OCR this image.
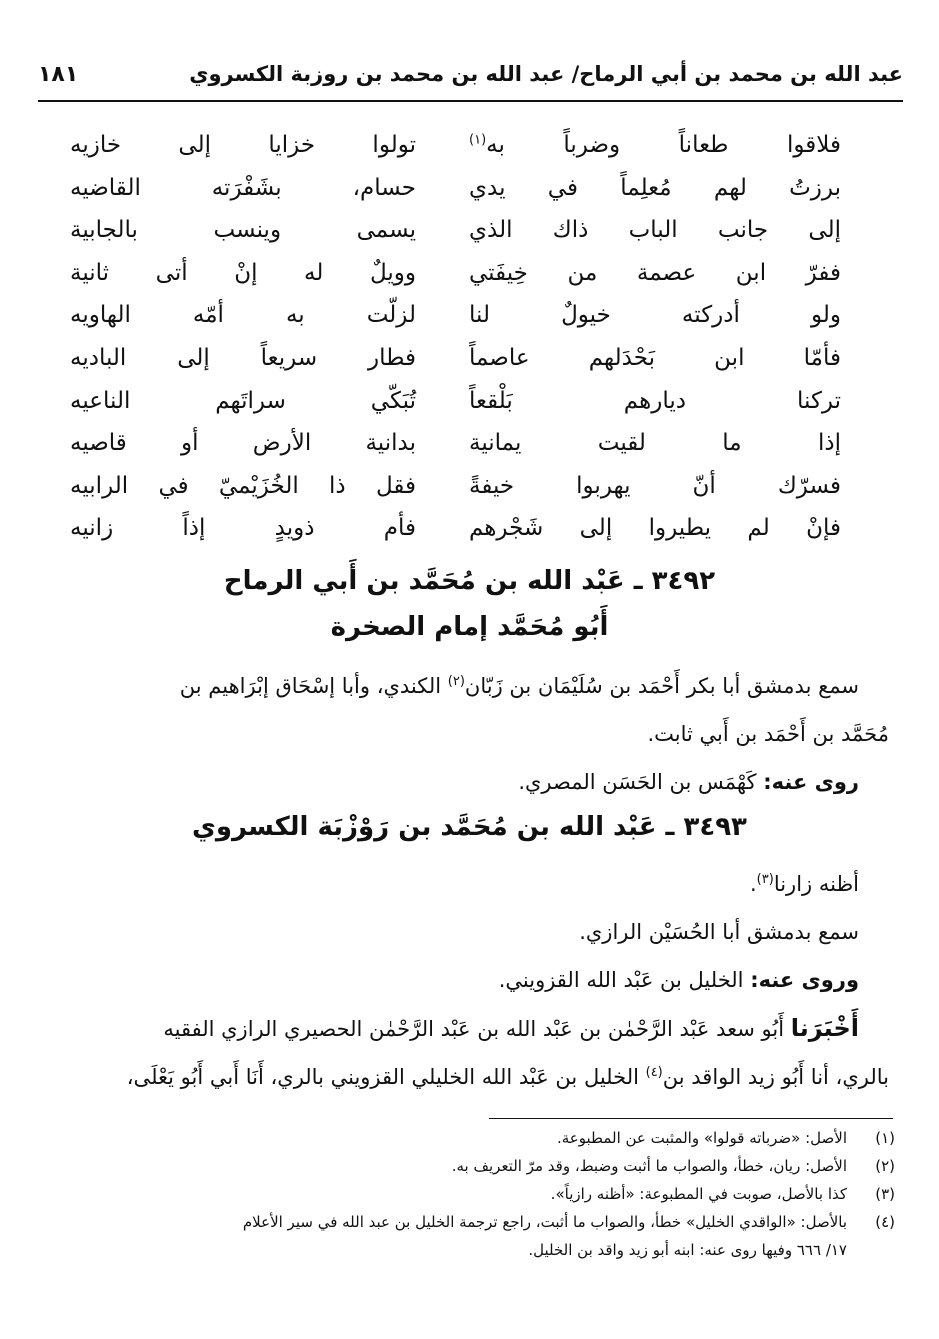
عبد الله بن محمد بن أبي الرماح/ عبد الله بن محمد بن روزبة الكسروي
١٨١
فلاقوا طعاناً وضرباً به$^{(١)}$
تولوا خزايا إلى خازيه
برزتُ لهم مُعلِماً في يدي
حسام، بشَفْرَته القاضيه
إلى جانب الباب ذاك الذي
يسمى وينسب بالجابية
ففرّ ابن عصمة من خِيفَتي
وويلٌ له إنْ أتى ثانية
ولو أدركته خيولٌ لنا
لزلّت به أمّه الهاويه
فأمّا ابن بَحْدَلهم عاصماً
فطار سريعاً إلى الباديه
تركنا ديارهم بَلْقعاً
تُبَكّي سراتَهم الناعيه
إذا ما لقيت يمانية
بدانية الأرض أو قاصيه
فسرّك أنّ يهربوا خيفةً
فقل ذا الخُزَيْميّ في الرابيه
فإنْ لم يطيروا إلى شَجْرهم
فأم ذويدٍ إذاً زانيه
٣٤٩٢ ـ عَبْد الله بن مُحَمَّد بن أَبي الرماح
أَبُو مُحَمَّد إمام الصخرة
سمع بدمشق أبا بكر أَحْمَد بن سُلَيْمَان بن زَبّان$^{(٢)}$ الكندي، وأبا إسْحَاق إبْرَاهيم بن
مُحَمَّد بن أَحْمَد بن أَبي ثابت.
روى عنه: كَهْمَس بن الحَسَن المصري.
٣٤٩٣ ـ عَبْد الله بن مُحَمَّد بن رَوْزْبَة الكسروي
أظنه زارنا$^{(٣)}$.
سمع بدمشق أبا الحُسَيْن الرازي.
وروى عنه: الخليل بن عَبْد الله القزويني.
أَخْبَرَنا أَبُو سعد عَبْد الرَّحْمٰن بن عَبْد الله بن عَبْد الرَّحْمٰن الحصيري الرازي الفقيه
بالري، أنا أَبُو زيد الواقد بن$^{(٤)}$ الخليل بن عَبْد الله الخليلي القزويني بالري، أَنَا أَبي أَبُو يَعْلَى،
(١)
الأصل: «ضرباته قولوا» والمثبت عن المطبوعة.
(٢)
الأصل: ريان، خطأ، والصواب ما أثبت وضبط، وقد مرّ التعريف به.
(٣)
كذا بالأصل، صوبت في المطبوعة: «أظنه رازياً».
(٤)
بالأصل: «الواقدي الخليل» خطأ، والصواب ما أثبت، راجع ترجمة الخليل بن عبد الله في سير الأعلام
١٧/ ٦٦٦ وفيها روى عنه: ابنه أبو زيد واقد بن الخليل.
